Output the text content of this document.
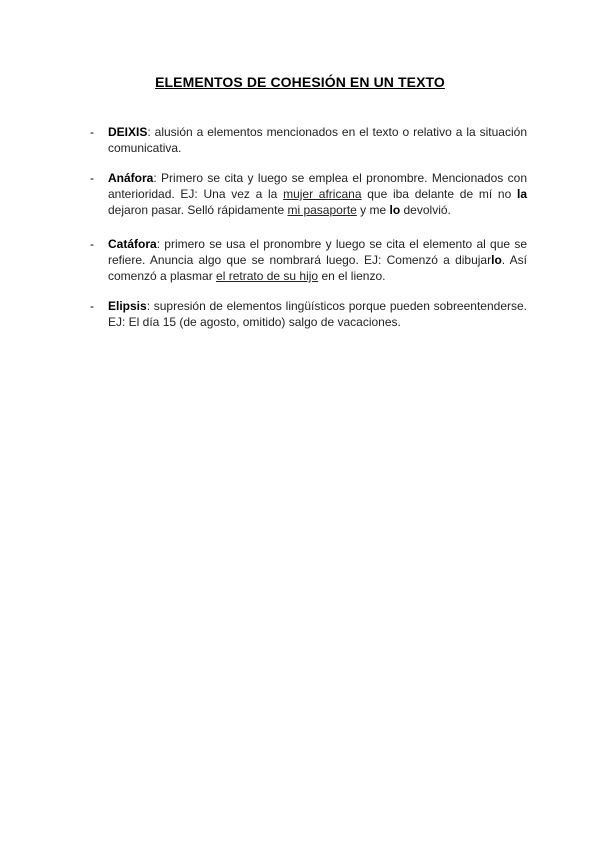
ELEMENTOS DE COHESIÓN EN UN TEXTO
- DEIXIS: alusión a elementos mencionados en el texto o relativo a la situación comunicativa.
- Anáfora: Primero se cita y luego se emplea el pronombre. Mencionados con anterioridad. EJ: Una vez a la mujer africana que iba delante de mí no la dejaron pasar. Selló rápidamente mi pasaporte y me lo devolvió.
- Catáfora: primero se usa el pronombre y luego se cita el elemento al que se refiere. Anuncia algo que se nombrará luego. EJ: Comenzó a dibujarlo. Así comenzó a plasmar el retrato de su hijo en el lienzo.
- Elipsis: supresión de elementos lingüísticos porque pueden sobreentenderse. EJ: El día 15 (de agosto, omitido) salgo de vacaciones.
